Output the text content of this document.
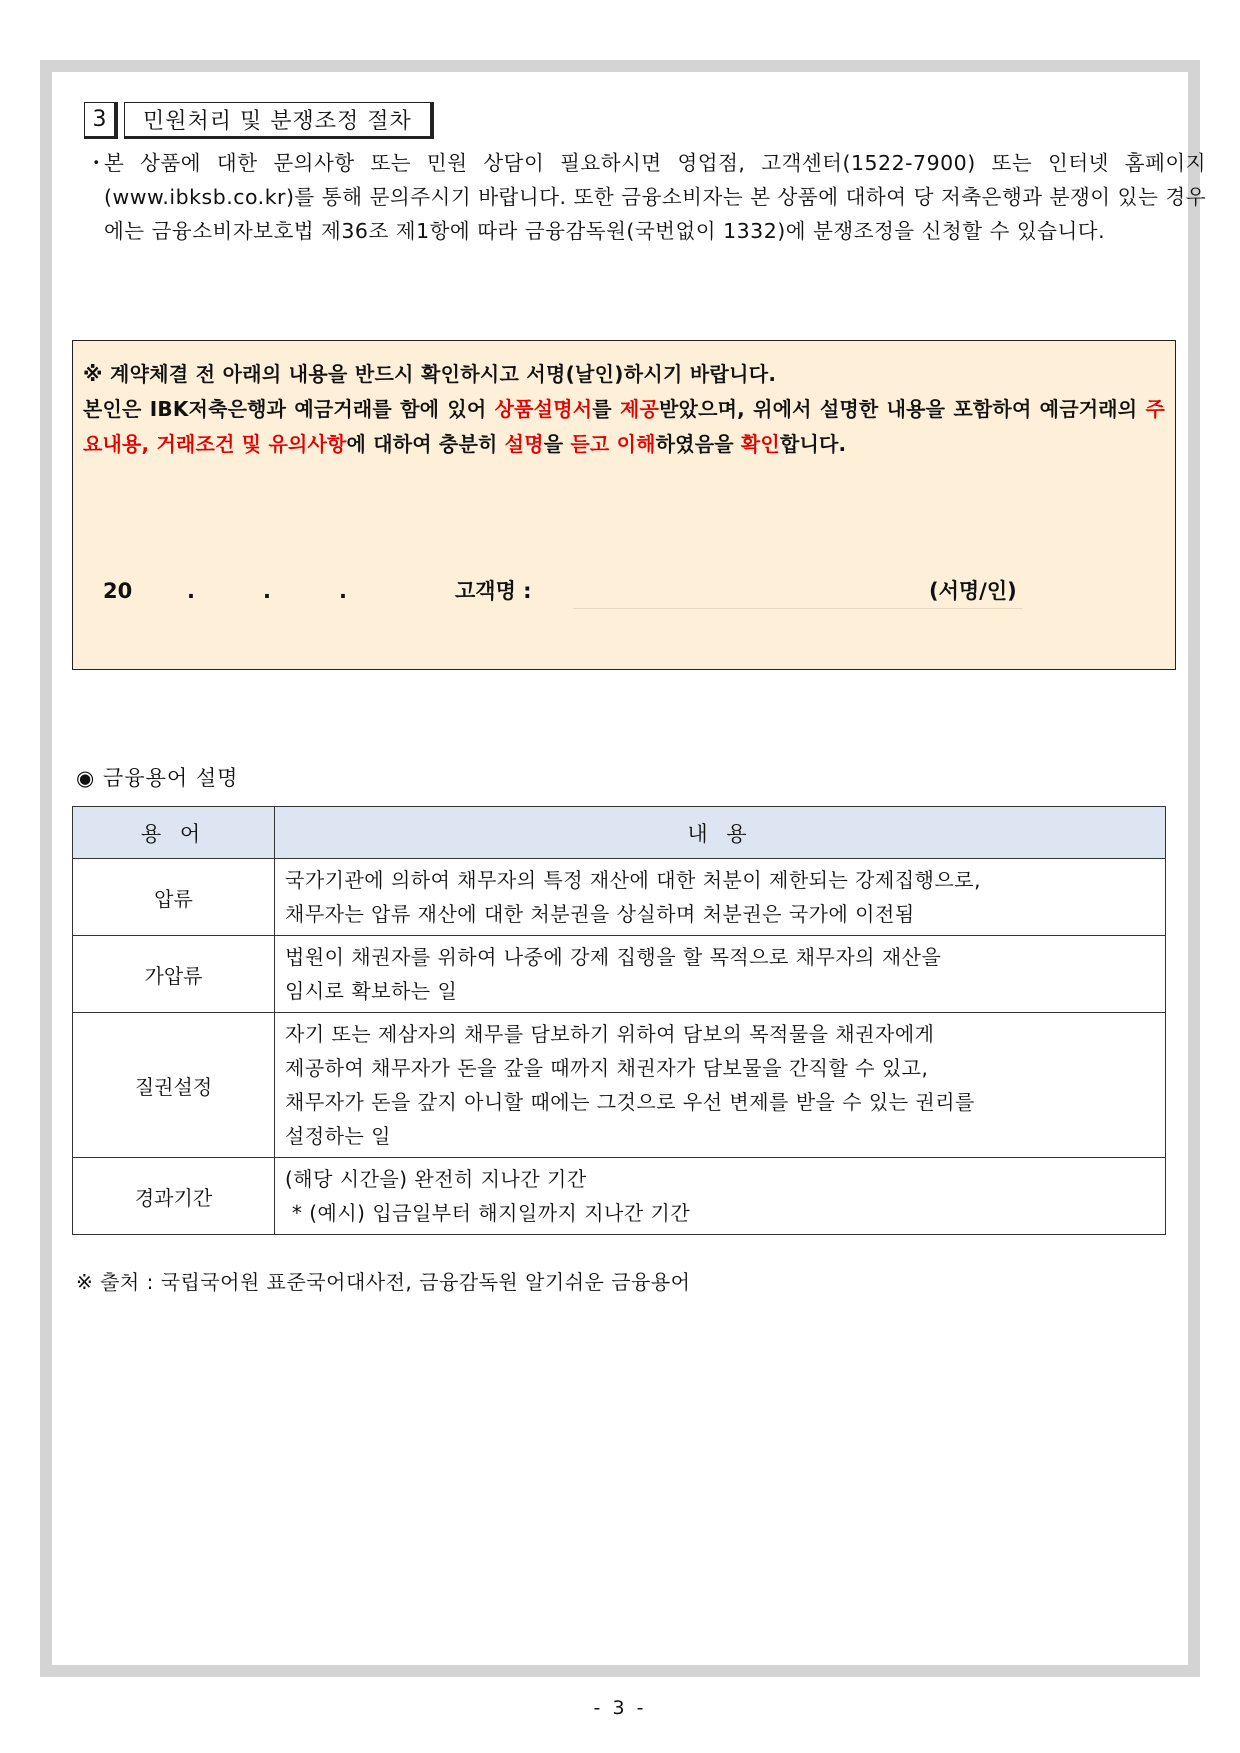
3	민원처리 및 분쟁조정 절차
・
본 상품에 대한 문의사항 또는 민원 상담이 필요하시면 영업점, 고객센터(1522-7900) 또는 인터넷 홈페이지(www.ibksb.co.kr)를 통해 문의주시기 바랍니다. 또한 금융소비자는 본 상품에 대하여 당 저축은행과 분쟁이 있는 경우에는 금융소비자보호법 제36조 제1항에 따라 금융감독원(국번없이 1332)에 분쟁조정을 신청할 수 있습니다.
※ 계약체결 전 아래의 내용을 반드시 확인하시고 서명(날인)하시기 바랍니다.
본인은 IBK저축은행과 예금거래를 함에 있어 상품설명서를 제공받았으며, 위에서 설명한 내용을 포함하여 예금거래의 주요내용, 거래조건 및 유의사항에 대하여 충분히 설명을 듣고 이해하였음을 확인합니다.
20	.	.	.	고객명 :	(서명/인)
◉ 금융용어 설명
용 어	내 용
압류	국가기관에 의하여 채무자의 특정 재산에 대한 처분이 제한되는 강제집행으로,
채무자는 압류 재산에 대한 처분권을 상실하며 처분권은 국가에 이전됨

가압류	법원이 채권자를 위하여 나중에 강제 집행을 할 목적으로 채무자의 재산을
임시로 확보하는 일

질권설정	자기 또는 제삼자의 채무를 담보하기 위하여 담보의 목적물을 채권자에게
제공하여 채무자가 돈을 갚을 때까지 채권자가 담보물을 간직할 수 있고,
채무자가 돈을 갚지 아니할 때에는 그것으로 우선 변제를 받을 수 있는 권리를
설정하는 일

경과기간	(해당 시간을) 완전히 지나간 기간
* (예시) 입금일부터 해지일까지 지나간 기간
※ 출처 : 국립국어원 표준국어대사전, 금융감독원 알기쉬운 금융용어
- 3 -
